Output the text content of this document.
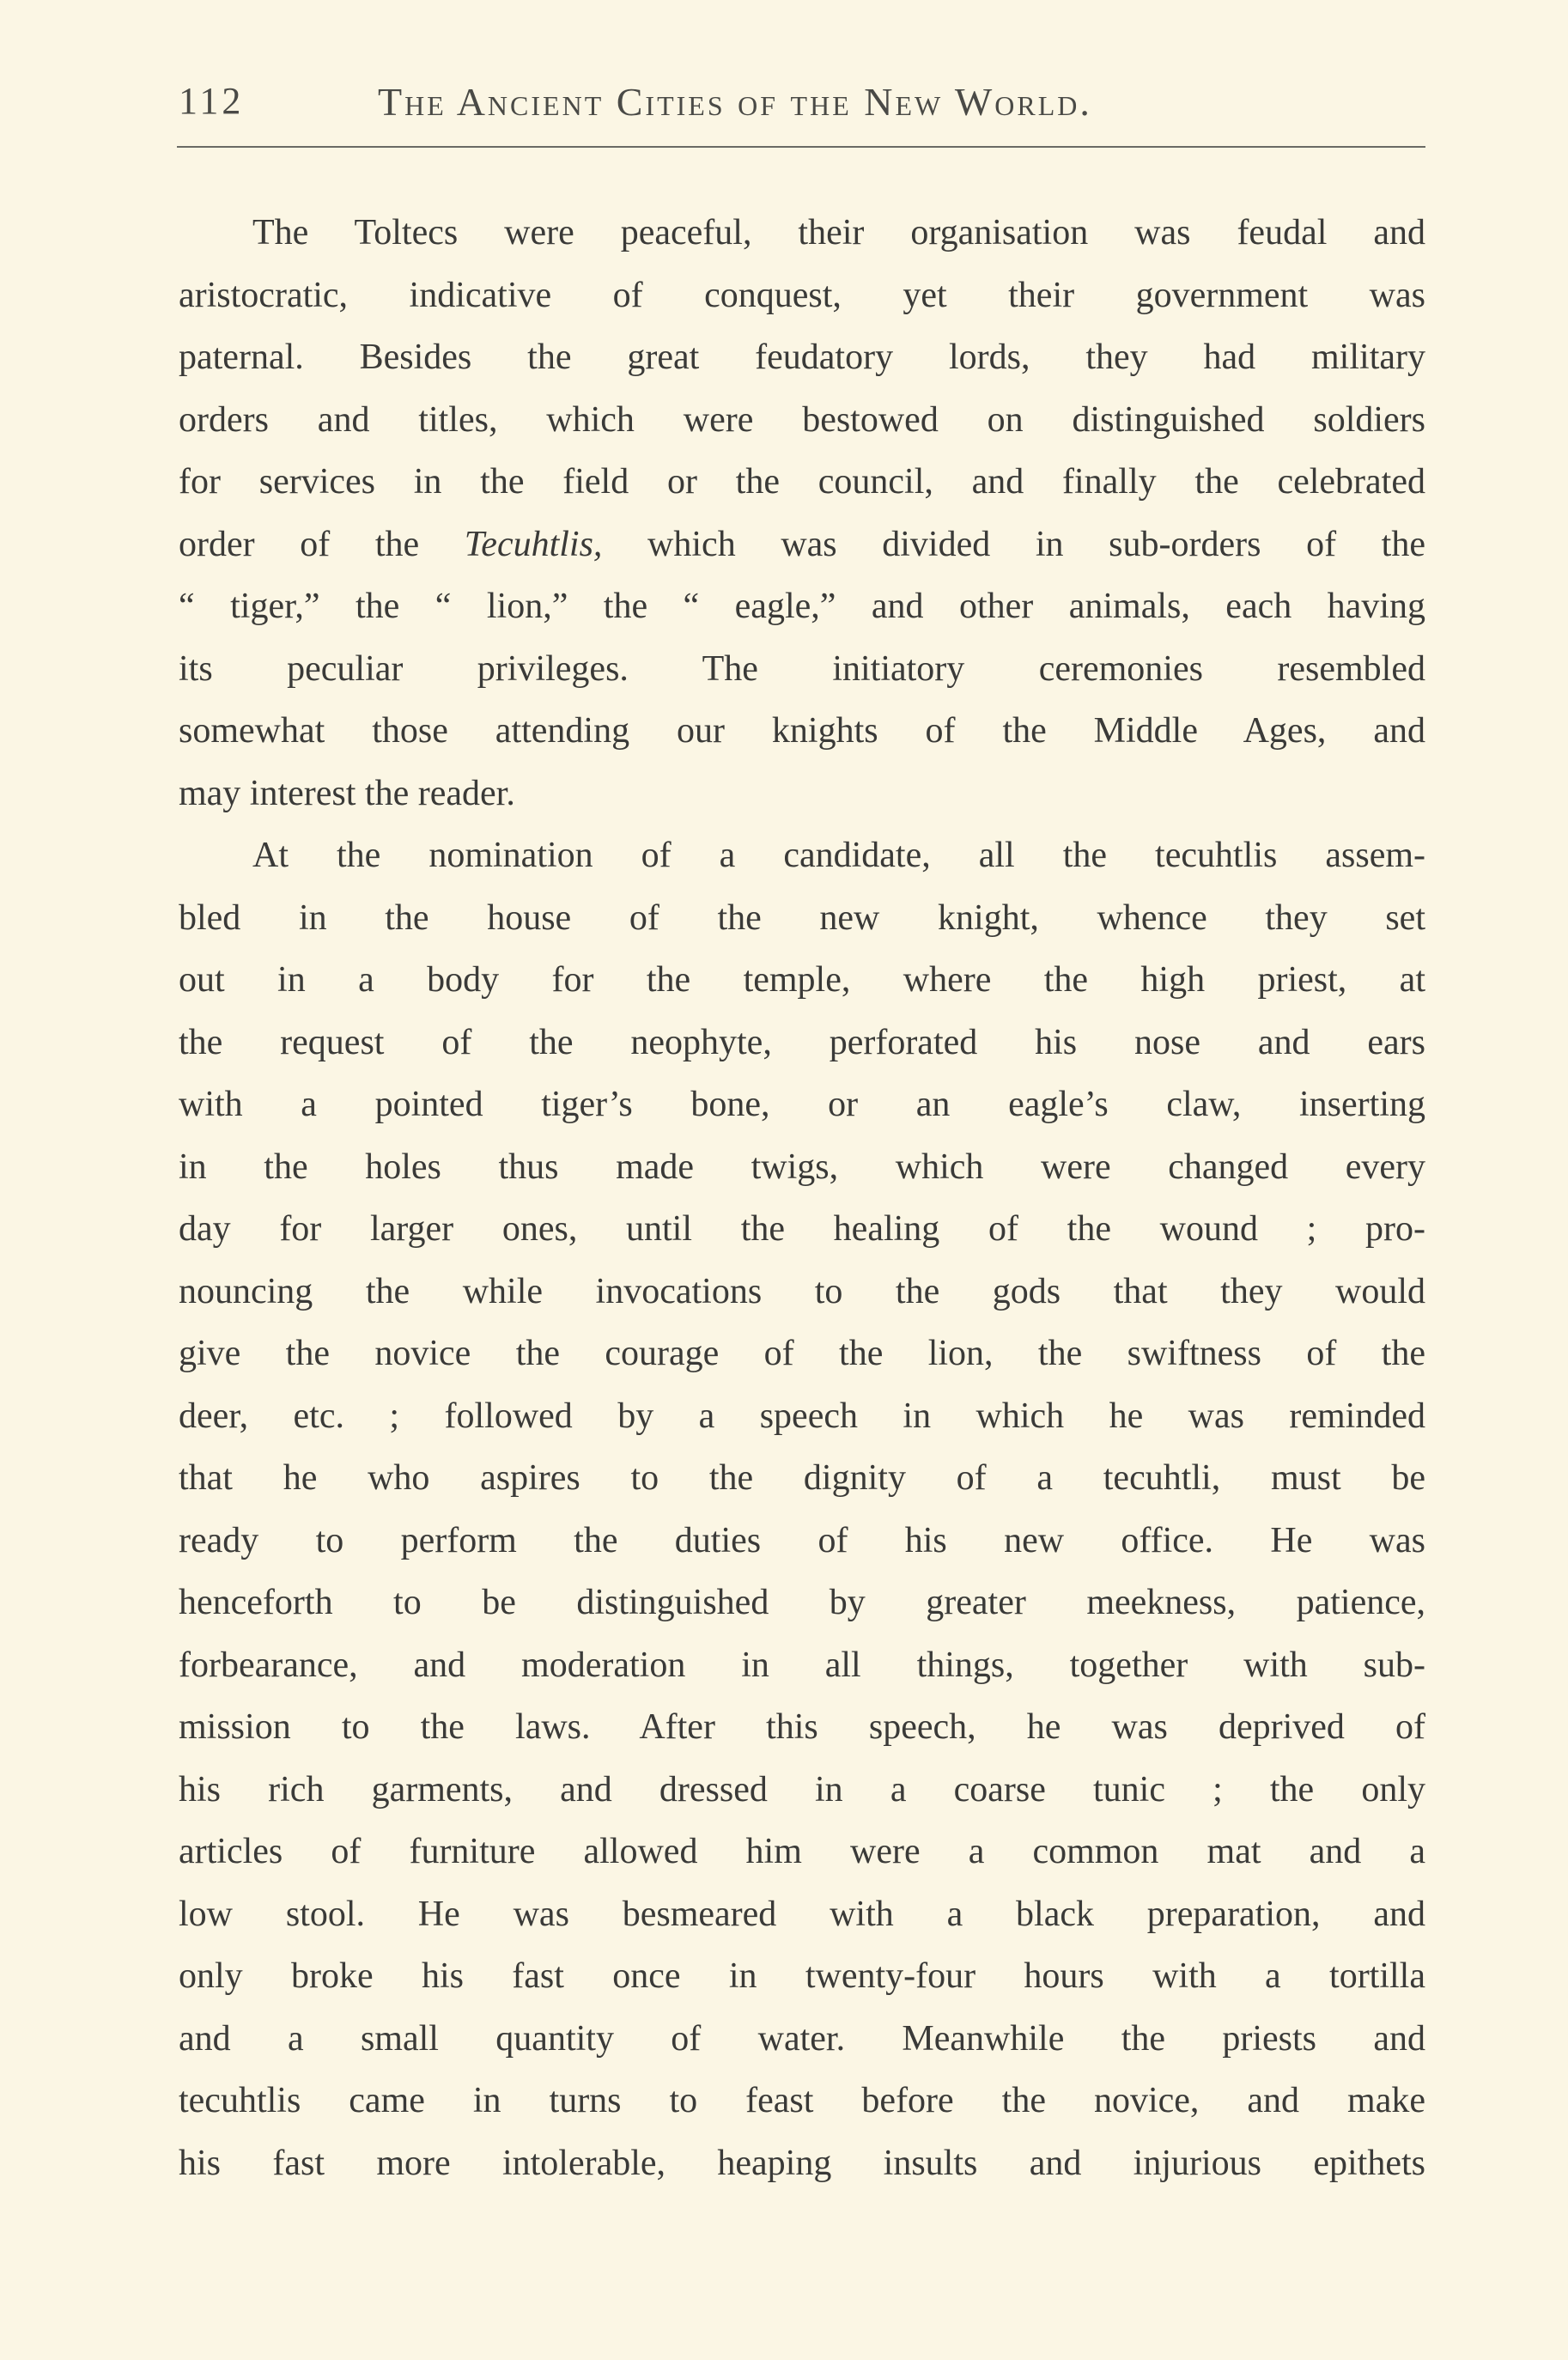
112	The Ancient Cities of the New World.
The Toltecs were peaceful, their organisation was feudal and
aristocratic, indicative of conquest, yet their government was
paternal. Besides the great feudatory lords, they had military
orders and titles, which were bestowed on distinguished soldiers
for services in the field or the council, and finally the celebrated
order of the Tecuhtlis, which was divided in sub-orders of the
“ tiger,” the “ lion,” the “ eagle,” and other animals, each having
its peculiar privileges. The initiatory ceremonies resembled
somewhat those attending our knights of the Middle Ages, and
may interest the reader.
At the nomination of a candidate, all the tecuhtlis assem-
bled in the house of the new knight, whence they set
out in a body for the temple, where the high priest, at
the request of the neophyte, perforated his nose and ears
with a pointed tiger’s bone, or an eagle’s claw, inserting
in the holes thus made twigs, which were changed every
day for larger ones, until the healing of the wound ; pro-
nouncing the while invocations to the gods that they would
give the novice the courage of the lion, the swiftness of the
deer, etc. ; followed by a speech in which he was reminded
that he who aspires to the dignity of a tecuhtli, must be
ready to perform the duties of his new office. He was
henceforth to be distinguished by greater meekness, patience,
forbearance, and moderation in all things, together with sub-
mission to the laws. After this speech, he was deprived of
his rich garments, and dressed in a coarse tunic ; the only
articles of furniture allowed him were a common mat and a
low stool. He was besmeared with a black preparation, and
only broke his fast once in twenty-four hours with a tortilla
and a small quantity of water. Meanwhile the priests and
tecuhtlis came in turns to feast before the novice, and make
his fast more intolerable, heaping insults and injurious epithets
